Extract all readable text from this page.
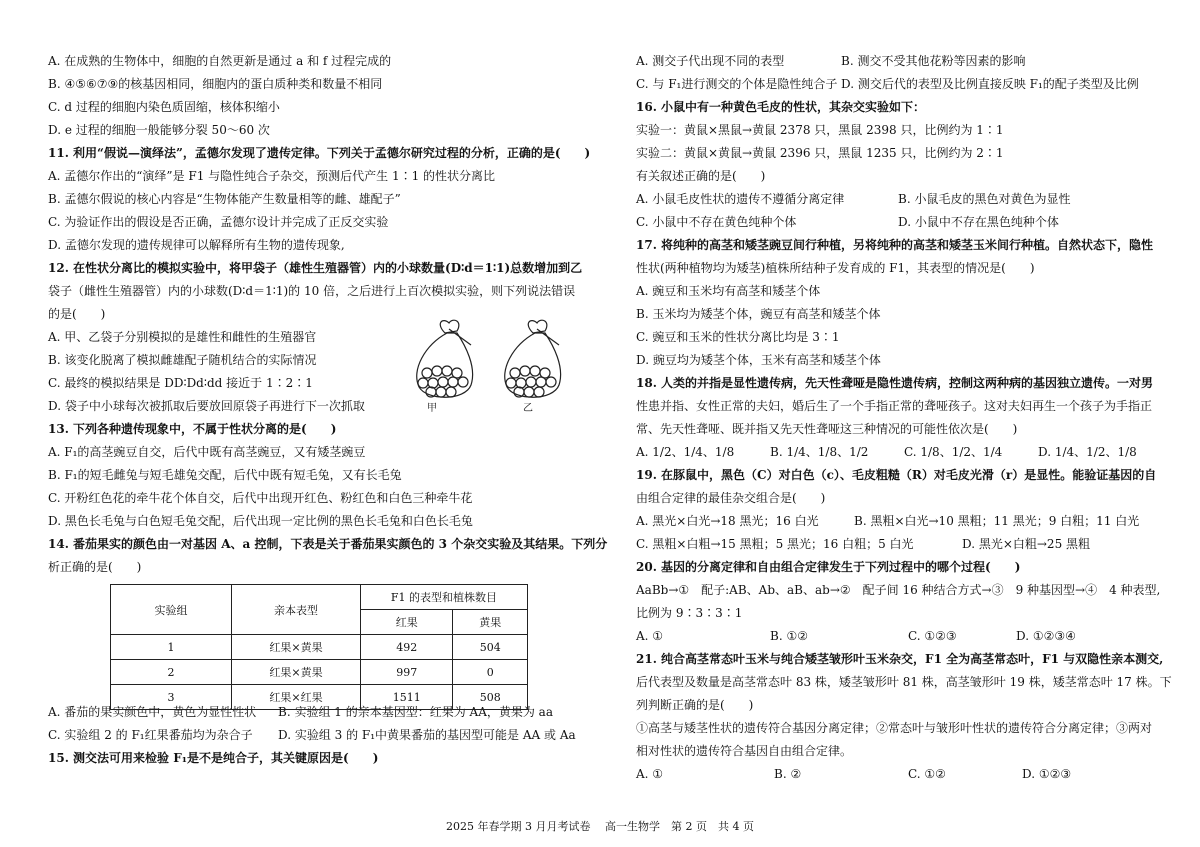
A. 在成熟的生物体中，细胞的自然更新是通过 a 和 f 过程完成的
B. ④⑤⑥⑦⑨的核基因相同，细胞内的蛋白质种类和数量不相同
C. d 过程的细胞内染色质固缩，核体积缩小
D. e 过程的细胞一般能够分裂 50～60 次
11. 利用“假说—演绎法”，孟德尔发现了遗传定律。下列关于孟德尔研究过程的分析，正确的是(　　)
A. 孟德尔作出的“演绎”是 F1 与隐性纯合子杂交，预测后代产生 1∶1 的性状分离比
B. 孟德尔假说的核心内容是“生物体能产生数量相等的雌、雄配子”
C. 为验证作出的假设是否正确，孟德尔设计并完成了正反交实验
D. 孟德尔发现的遗传规律可以解释所有生物的遗传现象,
12. 在性状分离比的模拟实验中，将甲袋子（雄性生殖器管）内的小球数量(D∶d＝1∶1)总数增加到乙
袋子（雌性生殖器管）内的小球数(D∶d＝1∶1)的 10 倍，之后进行上百次模拟实验，则下列说法错误
的是(　　)
A. 甲、乙袋子分别模拟的是雄性和雌性的生殖器官
B. 该变化脱离了模拟雌雄配子随机结合的实际情况
C. 最终的模拟结果是 DD∶Dd∶dd 接近于 1∶2∶1
D. 袋子中小球每次被抓取后要放回原袋子再进行下一次抓取
13. 下列各种遗传现象中，不属于性状分离的是(　　)
A. F₁的高茎豌豆自交，后代中既有高茎豌豆，又有矮茎豌豆
B. F₁的短毛雌兔与短毛雄兔交配，后代中既有短毛兔，又有长毛兔
C. 开粉红色花的牵牛花个体自交，后代中出现开红色、粉红色和白色三种牵牛花
D. 黑色长毛兔与白色短毛兔交配，后代出现一定比例的黑色长毛兔和白色长毛兔
14. 番茄果实的颜色由一对基因 A、a 控制，下表是关于番茄果实颜色的 3 个杂交实验及其结果。下列分
析正确的是(　　)
A. 番茄的果实颜色中，黄色为显性性状	B. 实验组 1 的亲本基因型：红果为 AA，黄果为 aa
C. 实验组 2 的 F₁红果番茄均为杂合子	D. 实验组 3 的 F₁中黄果番茄的基因型可能是 AA 或 Aa
15. 测交法可用来检验 F₁是不是纯合子，其关键原因是(　　)
甲	乙
实验组	亲本表型	F1 的表型和植株数目	
		红果	黄果
1	红果×黄果	492	504
2	红果×黄果	997	0
3	红果×红果	1511	508
A. 测交子代出现不同的表型	B. 测交不受其他花粉等因素的影响
C. 与 F₁进行测交的个体是隐性纯合子 D. 测交后代的表型及比例直接反映 F₁的配子类型及比例
16. 小鼠中有一种黄色毛皮的性状，其杂交实验如下：
实验一：黄鼠×黑鼠→黄鼠 2378 只，黑鼠 2398 只，比例约为 1∶1
实验二：黄鼠×黄鼠→黄鼠 2396 只，黑鼠 1235 只，比例约为 2∶1
有关叙述正确的是(　　)
A. 小鼠毛皮性状的遗传不遵循分离定律	B. 小鼠毛皮的黑色对黄色为显性
C. 小鼠中不存在黄色纯种个体	D. 小鼠中不存在黑色纯种个体
17. 将纯种的高茎和矮茎豌豆间行种植，另将纯种的高茎和矮茎玉米间行种植。自然状态下，隐性
性状(两种植物均为矮茎)植株所结种子发育成的 F1，其表型的情况是(　　)
A. 豌豆和玉米均有高茎和矮茎个体
B. 玉米均为矮茎个体，豌豆有高茎和矮茎个体
C. 豌豆和玉米的性状分离比均是 3∶1
D. 豌豆均为矮茎个体，玉米有高茎和矮茎个体
18. 人类的并指是显性遗传病，先天性聋哑是隐性遗传病，控制这两种病的基因独立遗传。一对男
性患并指、女性正常的夫妇，婚后生了一个手指正常的聋哑孩子。这对夫妇再生一个孩子为手指正
常、先天性聋哑、既并指又先天性聋哑这三种情况的可能性依次是(　　)
A. 1/2、1/4、1/8	B. 1/4、1/8、1/2	C. 1/8、1/2、1/4	D. 1/4、1/2、1/8
19. 在豚鼠中，黑色（C）对白色（c）、毛皮粗糙（R）对毛皮光滑（r）是显性。能验证基因的自
由组合定律的最佳杂交组合是(　　)
A. 黑光×白光→18 黑光；16 白光	B. 黑粗×白光→10 黑粗；11 黑光；9 白粗；11 白光
C. 黑粗×白粗→15 黑粗；5 黑光；16 白粗；5 白光	D. 黑光×白粗→25 黑粗
20. 基因的分离定律和自由组合定律发生于下列过程中的哪个过程(　　)
AaBb→①　配子:AB、Ab、aB、ab→②　配子间 16 种结合方式→③　9 种基因型→④　4 种表型,
比例为 9∶3∶3∶1
A. ①	B. ①②	C. ①②③	D. ①②③④
21. 纯合高茎常态叶玉米与纯合矮茎皱形叶玉米杂交，F1 全为高茎常态叶，F1 与双隐性亲本测交,
后代表型及数量是高茎常态叶 83 株，矮茎皱形叶 81 株，高茎皱形叶 19 株，矮茎常态叶 17 株。下
列判断正确的是(　　)
①高茎与矮茎性状的遗传符合基因分离定律；②常态叶与皱形叶性状的遗传符合分离定律；③两对
相对性状的遗传符合基因自由组合定律。
A. ①	B. ②	C. ①②	D. ①②③
2025 年春学期 3 月月考试卷　 高一生物学　第 2 页　共 4 页
